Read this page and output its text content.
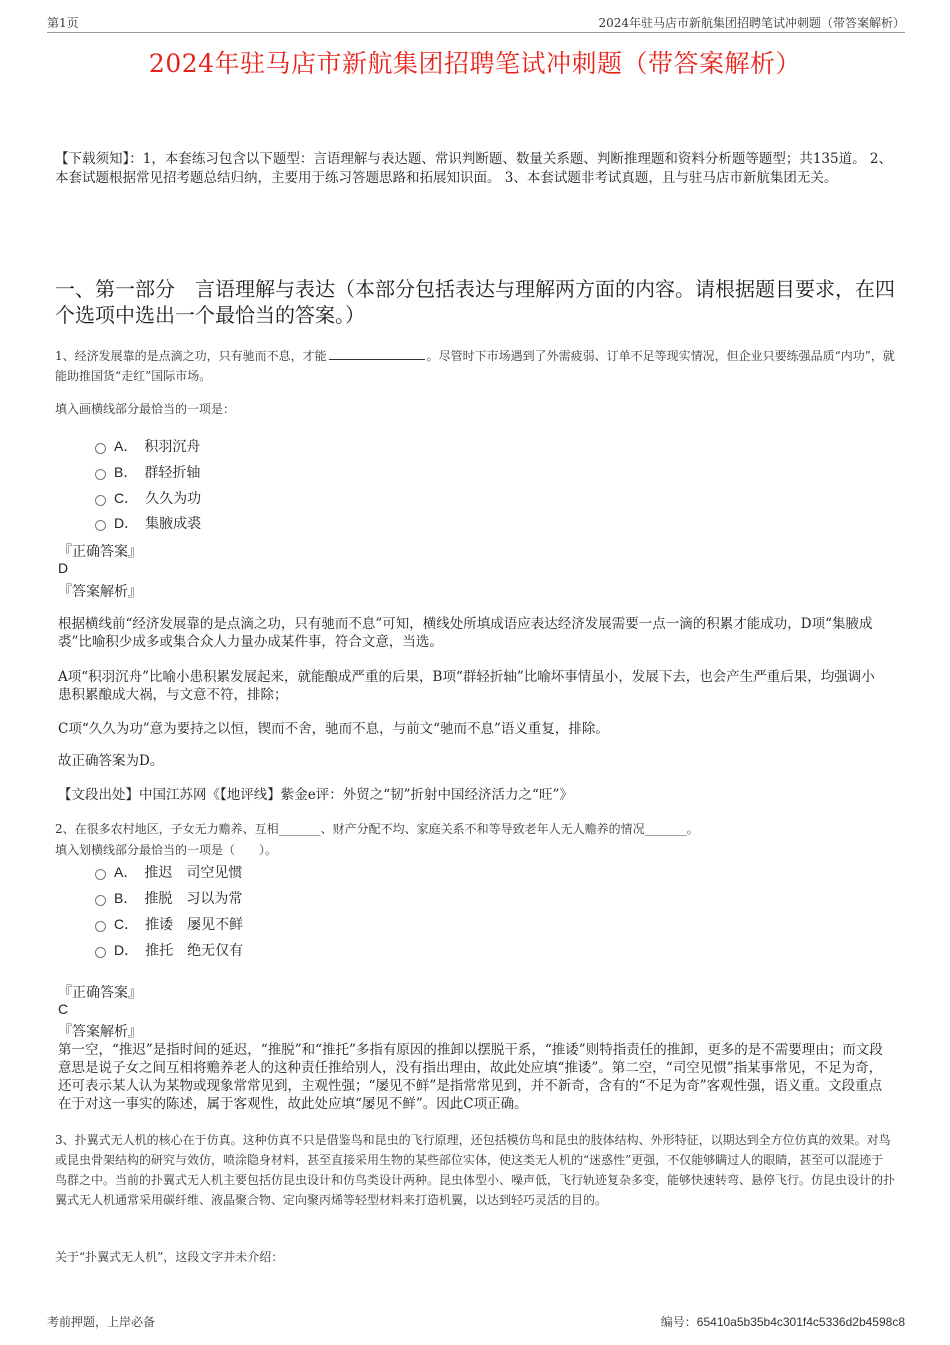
第1页	2024年驻马店市新航集团招聘笔试冲刺题（带答案解析）
2024年驻马店市新航集团招聘笔试冲刺题（带答案解析）
【下载须知】：1，本套练习包含以下题型：言语理解与表达题、常识判断题、数量关系题、判断推理题和资料分析题等题型；共135道。 2、本套试题根据常见招考题总结归纳，主要用于练习答题思路和拓展知识面。 3、本套试题非考试真题，且与驻马店市新航集团无关。
一、第一部分　言语理解与表达（本部分包括表达与理解两方面的内容。请根据题目要求，在四个选项中选出一个最恰当的答案。）
1、经济发展靠的是点滴之功，只有驰而不息，才能	。尽管时下市场遇到了外需疲弱、订单不足等现实情况，但企业只要练强品质“内功”，就能助推国货“走红”国际市场。
填入画横线部分最恰当的一项是：
A．　 积羽沉舟
B．　 群轻折轴
C．　 久久为功
D．　 集腋成裘
『正确答案』
D
『答案解析』
根据横线前“经济发展靠的是点滴之功，只有驰而不息”可知，横线处所填成语应表达经济发展需要一点一滴的积累才能成功，D项“集腋成裘”比喻积少成多或集合众人力量办成某件事，符合文意，当选。
A项“积羽沉舟”比喻小患积累发展起来，就能酿成严重的后果，B项“群轻折轴”比喻坏事情虽小，发展下去，也会产生严重后果，均强调小患积累酿成大祸，与文意不符，排除；
C项“久久为功”意为要持之以恒，锲而不舍，驰而不息，与前文“驰而不息”语义重复，排除。
故正确答案为D。
【文段出处】中国江苏网《【地评线】紫金e评：外贸之“韧”折射中国经济活力之“旺”》
2、在很多农村地区，子女无力赡养、互相_______、财产分配不均、家庭关系不和等导致老年人无人赡养的情况_______。
填入划横线部分最恰当的一项是（　　）。
A．　 推迟　司空见惯
B．　 推脱　习以为常
C．　 推诿　屡见不鲜
D．　 推托　绝无仅有
『正确答案』
C
『答案解析』
第一空，“推迟”是指时间的延迟，“推脱”和“推托”多指有原因的推卸以摆脱干系，“推诿”则特指责任的推卸，更多的是不需要理由；而文段意思是说子女之间互相将赡养老人的这种责任推给别人，没有指出理由，故此处应填“推诿”。第二空，“司空见惯”指某事常见，不足为奇，还可表示某人认为某物或现象常常见到，主观性强；“屡见不鲜”是指常常见到，并不新奇，含有的“不足为奇”客观性强，语义重。文段重点在于对这一事实的陈述，属于客观性，故此处应填“屡见不鲜”。因此C项正确。
3、扑翼式无人机的核心在于仿真。这种仿真不只是借鉴鸟和昆虫的飞行原理，还包括模仿鸟和昆虫的肢体结构、外形特征，以期达到全方位仿真的效果。对鸟或昆虫骨架结构的研究与效仿，喷涂隐身材料，甚至直接采用生物的某些部位实体，使这类无人机的“迷惑性”更强，不仅能够瞒过人的眼睛，甚至可以混迹于鸟群之中。当前的扑翼式无人机主要包括仿昆虫设计和仿鸟类设计两种。昆虫体型小、噪声低，飞行轨迹复杂多变，能够快速转弯、悬停飞行。仿昆虫设计的扑翼式无人机通常采用碳纤维、液晶聚合物、定向聚丙烯等轻型材料来打造机翼，以达到轻巧灵活的目的。
关于“扑翼式无人机”，这段文字并未介绍：
考前押题，上岸必备	编号：65410a5b35b4c301f4c5336d2b4598c8
